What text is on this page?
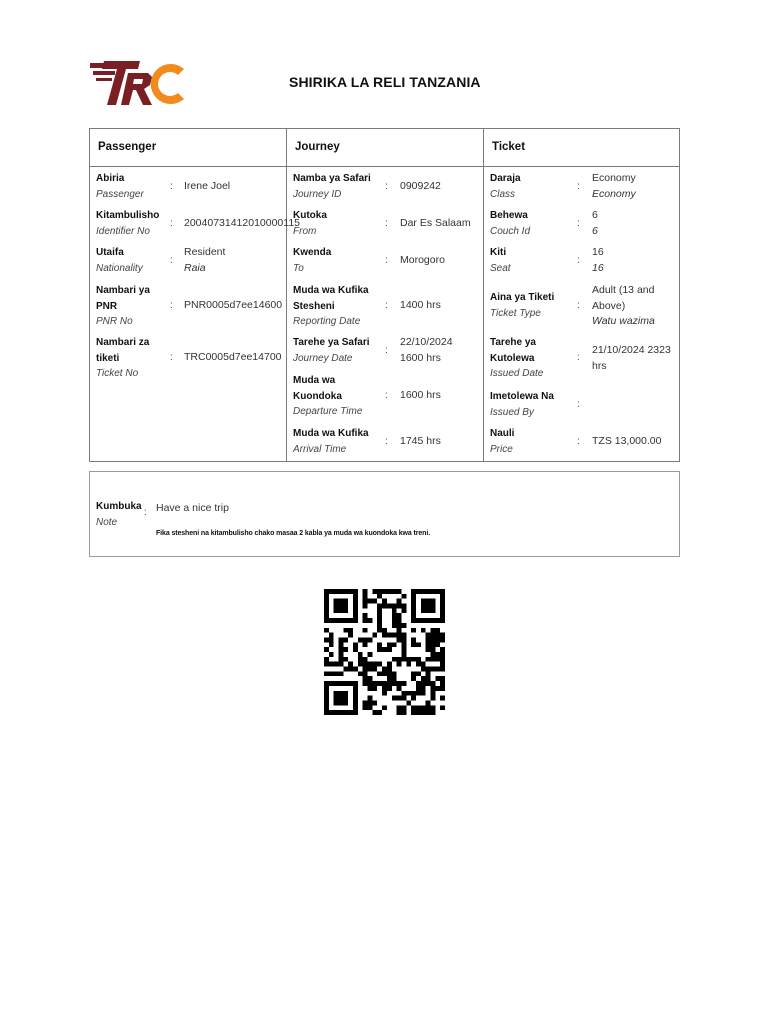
SHIRIKA LA RELI TANZANIA
Passenger
Abiria
Passenger
: Irene Joel
Kitambulisho
Identifier No
: 20040731412010000115
Utaifa
Nationality
:
Resident
Raia
Nambari ya
PNR
PNR No
: PNR0005d7ee14600
Nambari za
tiketi
Ticket No
: TRC0005d7ee14700
Journey
Namba ya Safari
Journey ID
: 0909242
Kutoka
From
: Dar Es Salaam
Kwenda
To
: Morogoro
Muda wa Kufika
Stesheni
Reporting Date
: 1400 hrs
Tarehe ya Safari
Journey Date
:
22/10/2024
1600 hrs
Muda wa
Kuondoka
Departure Time
: 1600 hrs
Muda wa Kufika
Arrival Time
: 1745 hrs
Ticket
Daraja
Class
:
Economy
Economy
Behewa
Couch Id
:
6
6
Kiti
Seat
:
16
16
Aina ya Tiketi
Ticket Type
:
Adult (13 and
Above)
Watu wazima
Tarehe ya
Kutolewa
Issued Date
:
21/10/2024 2323
hrs
Imetolewa Na
Issued By
:
Nauli
Price
: TZS 13,000.00
Kumbuka
Note
: Have a nice trip
Fika stesheni na kitambulisho chako masaa 2 kabla ya muda wa kuondoka kwa treni.
